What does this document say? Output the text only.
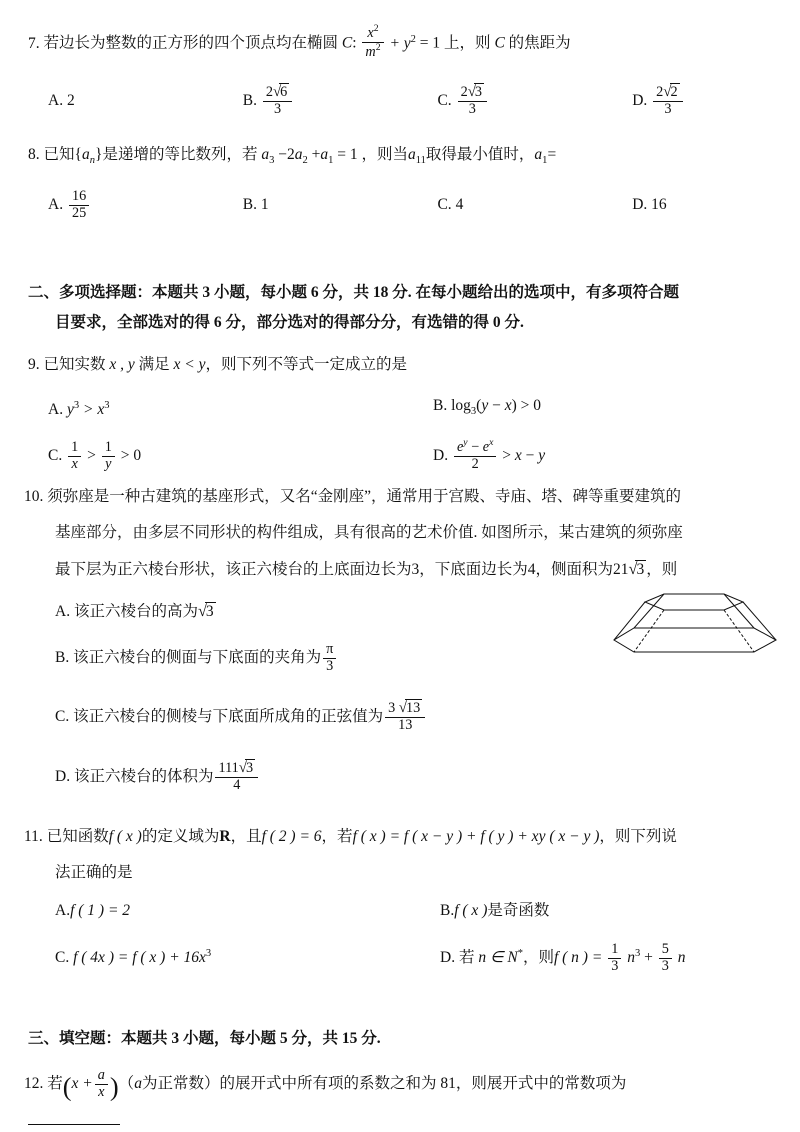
7. 若边长为整数的正方形的四个顶点均在椭圆 C: $\frac{x^2}{m^2} + y^2 = 1$ 上，则 C 的焦距为
A. 2	B. $\frac{2√6}{3}$	C. $\frac{2√3}{3}$	D. $\frac{2√2}{3}$
8. 已知$\{a_n\}$是递增的等比数列，若 $a_3 -2a_2 +a_1 = 1$ ，则当$a_{11}$取得最小值时，$a_1=$
A. $\frac{16}{25}$	B. 1	C. 4	D. 16
二、多项选择题：本题共 3 小题，每小题 6 分，共 18 分. 在每小题给出的选项中，有多项符合题
目要求，全部选对的得 6 分，部分选对的得部分分，有选错的得 0 分.
9. 已知实数 x , y 满足 x < y，则下列不等式一定成立的是
A. $y^3 > x^3$	B. $\log_3(y - x) > 0$
C. $\frac{1}{x} > \frac{1}{y} > 0$	D. $\frac{e^y - e^x}{2} > x - y$
10. 须弥座是一种古建筑的基座形式，又名“金刚座”，通常用于宫殿、寺庙、塔、碑等重要建筑的
基座部分，由多层不同形状的构件组成，具有很高的艺术价值. 如图所示，某古建筑的须弥座
最下层为正六棱台形状，该正六棱台的上底面边长为3，下底面边长为4，侧面积为21√3 ，则
A. 该正六棱台的高为√3
B. 该正六棱台的侧面与下底面的夹角为 $\frac{\pi}{3}$
C. 该正六棱台的侧棱与下底面所成角的正弦值为 $\frac{3 √13}{13}$
D. 该正六棱台的体积为 $\frac{111√3}{4}$
11. 已知函数f ( x )的定义域为R，且f ( 2 ) = 6，若f ( x ) = f ( x − y ) + f ( y ) + xy ( x − y )，则下列说
法正确的是
A.f ( 1 ) = 2	B.f ( x )是奇函数
C. f ( 4x ) = f ( x ) + $16x^3$	D. 若 n ∈ N*，则f ( n ) = $\frac{1}{3} n^3 + \frac{5}{3}$ n
三、填空题：本题共 3 小题，每小题 5 分，共 15 分.
12. 若$(x + \frac{a}{x} )(a$为正常数）的展开式中所有项的系数之和为 81，则展开式中的常数项为
